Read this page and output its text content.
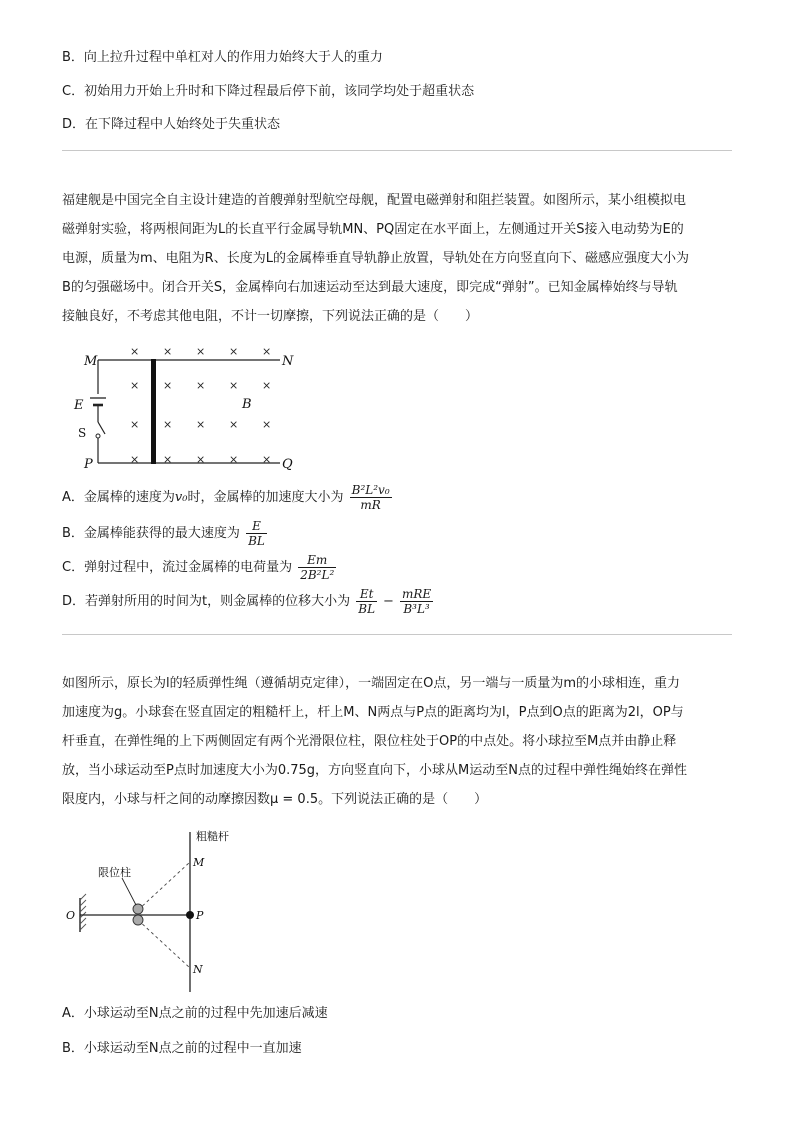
B．向上拉升过程中单杠对人的作用力始终大于人的重力
C．初始用力开始上升时和下降过程最后停下前，该同学均处于超重状态
D．在下降过程中人始终处于失重状态
福建舰是中国完全自主设计建造的首艘弹射型航空母舰，配置电磁弹射和阻拦装置。如图所示，某小组模拟电
磁弹射实验，将两根间距为L的长直平行金属导轨MN、PQ固定在水平面上，左侧通过开关S接入电动势为E的
电源，质量为m、电阻为R、长度为L的金属棒垂直导轨静止放置，导轨处在方向竖直向下、磁感应强度大小为
B的匀强磁场中。闭合开关S，金属棒向右加速运动至达到最大速度，即完成“弹射”。已知金属棒始终与导轨
接触良好，不考虑其他电阻，不计一切摩擦，下列说法正确的是（　　）
× × × × ×
× × × × ×
× × × × ×
× × × × ×
M	N
P	Q
E	B
S
A．金属棒的速度为v₀时，金属棒的加速度大小为 $\frac{\text{B²L²v₀}}{mR}$
B．金属棒能获得的最大速度为 $\frac{E}{BL}$
C．弹射过程中，流过金属棒的电荷量为 $\frac{Em}{\text{2B²L²}}$
D．若弹射所用的时间为t，则金属棒的位移大小为 $\frac{Et}{BL} - \frac{\text{mRE}}{\text{B³L³}}$
如图所示，原长为l的轻质弹性绳（遵循胡克定律），一端固定在O点，另一端与一质量为m的小球相连，重力
加速度为g。小球套在竖直固定的粗糙杆上，杆上M、N两点与P点的距离均为l，P点到O点的距离为2l，OP与
杆垂直，在弹性绳的上下两侧固定有两个光滑限位柱，限位柱处于OP的中点处。将小球拉至M点并由静止释
放，当小球运动至P点时加速度大小为0.75g，方向竖直向下，小球从M运动至N点的过程中弹性绳始终在弹性
限度内，小球与杆之间的动摩擦因数μ = 0.5。下列说法正确的是（　　）
粗糙杆
限位柱
O
M
P
N
A．小球运动至N点之前的过程中先加速后减速
B．小球运动至N点之前的过程中一直加速
